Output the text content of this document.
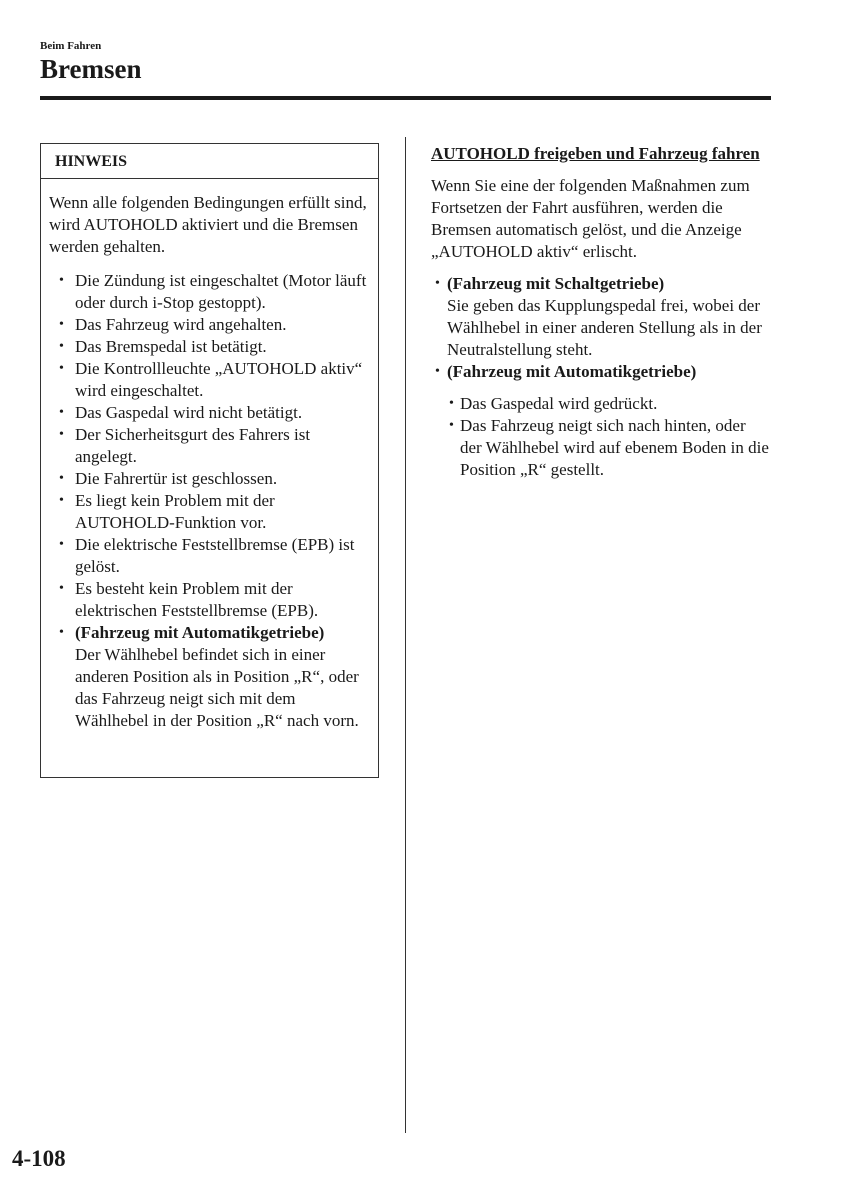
Beim Fahren
Bremsen
HINWEIS

Wenn alle folgenden Bedingungen erfüllt sind, wird AUTOHOLD aktiviert und die Bremsen werden gehalten.

• Die Zündung ist eingeschaltet (Motor läuft oder durch i-Stop gestoppt).
• Das Fahrzeug wird angehalten.
• Das Bremspedal ist betätigt.
• Die Kontrollleuchte „AUTOHOLD aktiv“ wird eingeschaltet.
• Das Gaspedal wird nicht betätigt.
• Der Sicherheitsgurt des Fahrers ist angelegt.
• Die Fahrertür ist geschlossen.
• Es liegt kein Problem mit der AUTOHOLD-Funktion vor.
• Die elektrische Feststellbremse (EPB) ist gelöst.
• Es besteht kein Problem mit der elektrischen Feststellbremse (EPB).
• (Fahrzeug mit Automatikgetriebe)
Der Wählhebel befindet sich in einer anderen Position als in Position „R“, oder das Fahrzeug neigt sich mit dem Wählhebel in der Position „R“ nach vorn.
AUTOHOLD freigeben und Fahrzeug fahren

Wenn Sie eine der folgenden Maßnahmen zum Fortsetzen der Fahrt ausführen, werden die Bremsen automatisch gelöst, und die Anzeige „AUTOHOLD aktiv“ erlischt.

• (Fahrzeug mit Schaltgetriebe)
Sie geben das Kupplungspedal frei, wobei der Wählhebel in einer anderen Stellung als in der Neutralstellung steht.
• (Fahrzeug mit Automatikgetriebe)
• Das Gaspedal wird gedrückt.
• Das Fahrzeug neigt sich nach hinten, oder der Wählhebel wird auf ebenem Boden in die Position „R“ gestellt.
4-108
